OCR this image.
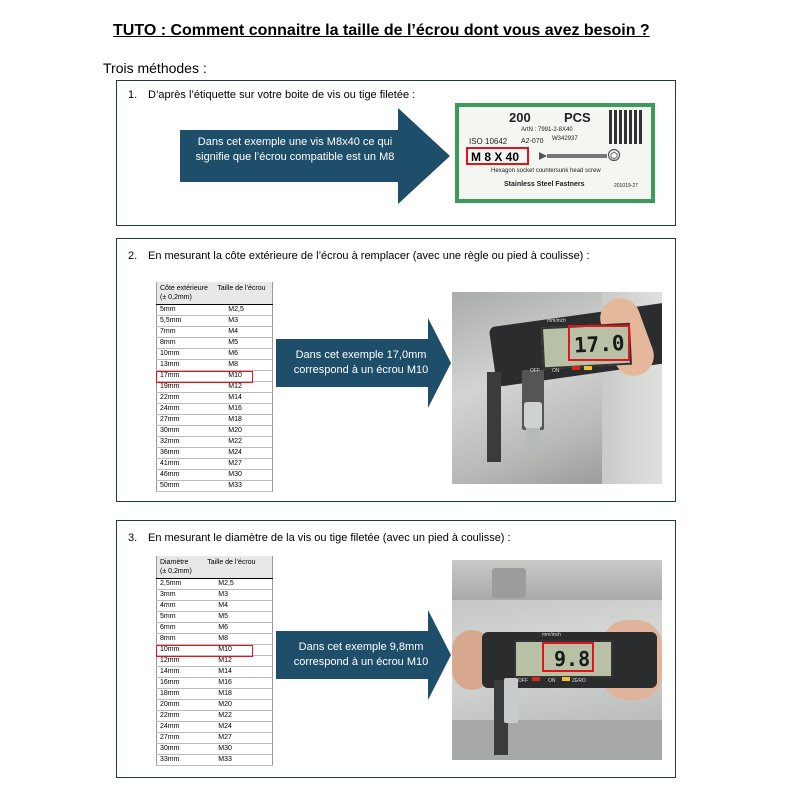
TUTO : Comment connaitre la taille de l’écrou dont vous avez besoin ?
Trois méthodes :
1. D’après l’étiquette sur votre boite de vis ou tige filetée :
Dans cet exemple une vis M8x40 ce qui
signifie que l’écrou compatible est un M8
200	PCS
ArtN : 7991-2-8X40
ISO 10642 A2-070 W342937
M 8 X 40
Hexagon socket countersunk head screw
Stainless Steel Fastners	201019-27
2. En mesurant la côte extérieure de l’écrou à remplacer (avec une règle ou pied à coulisse) :
Côte extérieure
(± 0,2mm)	Taille de l’écrou
5mm	M2,5
5,5mm	M3
7mm	M4
8mm	M5
10mm	M6
13mm	M8
17mm	M10
19mm	M12
22mm	M14
24mm	M16
27mm	M18
30mm	M20
32mm	M22
36mm	M24
41mm	M27
46mm	M30
50mm	M33
Dans cet exemple 17,0mm
correspond à un écrou M10
17.0
mm/inch
OFF ON
3. En mesurant le diamètre de la vis ou tige filetée (avec un pied à coulisse) :
Diamètre
(± 0,2mm)	Taille de l’écrou
2,5mm	M2,5
3mm	M3
4mm	M4
5mm	M5
6mm	M6
8mm	M8
10mm	M10
12mm	M12
14mm	M14
16mm	M16
18mm	M18
20mm	M20
22mm	M22
24mm	M24
27mm	M27
30mm	M30
33mm	M33
Dans cet exemple 9,8mm
correspond à un écrou M10	9.8
mm/inch
OFF	ON	ZERO
